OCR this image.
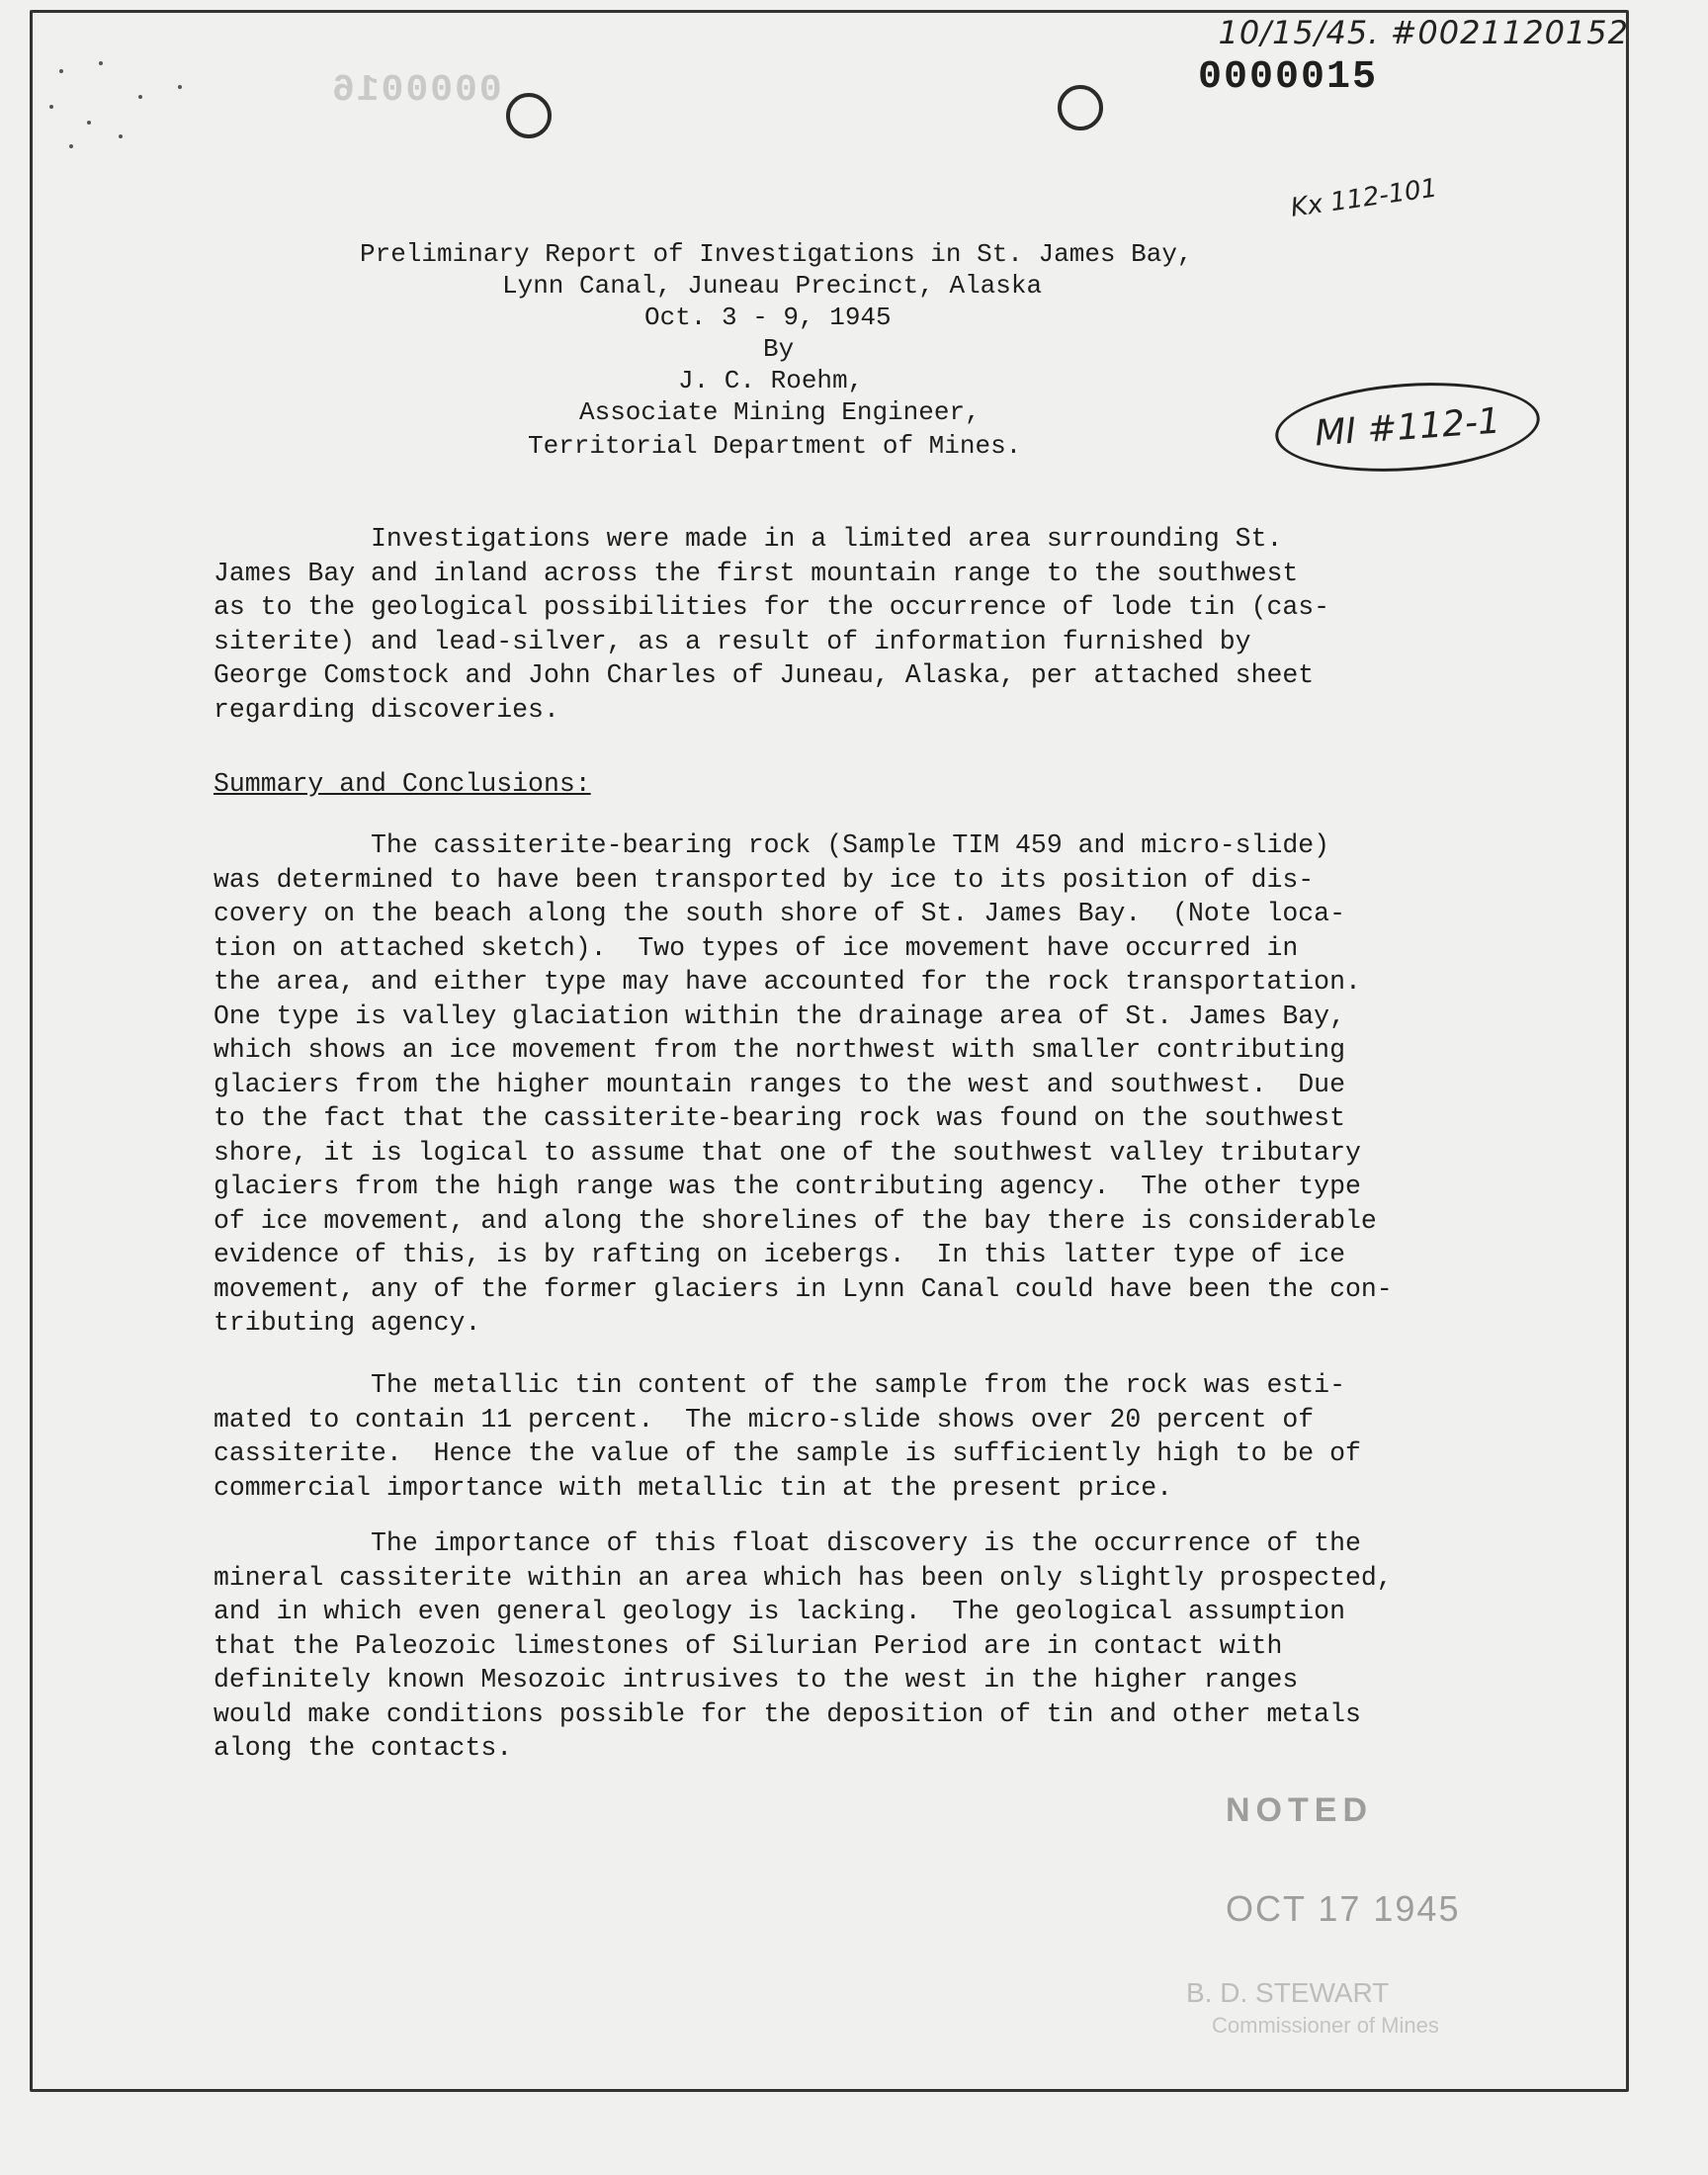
10/15/45. #0021120152
0000015
0000016
Kx 112-101
MI #112-1
Preliminary Report of Investigations in St. James Bay,
Lynn Canal, Juneau Precinct, Alaska
Oct. 3 - 9, 1945
By
J. C. Roehm,
Associate Mining Engineer,
Territorial Department of Mines.
Investigations were made in a limited area surrounding St.
James Bay and inland across the first mountain range to the southwest
as to the geological possibilities for the occurrence of lode tin (cas-
siterite) and lead-silver, as a result of information furnished by
George Comstock and John Charles of Juneau, Alaska, per attached sheet
regarding discoveries.
Summary and Conclusions:
The cassiterite-bearing rock (Sample TIM 459 and micro-slide)
was determined to have been transported by ice to its position of dis-
covery on the beach along the south shore of St. James Bay.  (Note loca-
tion on attached sketch).  Two types of ice movement have occurred in
the area, and either type may have accounted for the rock transportation.
One type is valley glaciation within the drainage area of St. James Bay,
which shows an ice movement from the northwest with smaller contributing
glaciers from the higher mountain ranges to the west and southwest.  Due
to the fact that the cassiterite-bearing rock was found on the southwest
shore, it is logical to assume that one of the southwest valley tributary
glaciers from the high range was the contributing agency.  The other type
of ice movement, and along the shorelines of the bay there is considerable
evidence of this, is by rafting on icebergs.  In this latter type of ice
movement, any of the former glaciers in Lynn Canal could have been the con-
tributing agency.
The metallic tin content of the sample from the rock was esti-
mated to contain 11 percent.  The micro-slide shows over 20 percent of
cassiterite.  Hence the value of the sample is sufficiently high to be of
commercial importance with metallic tin at the present price.
The importance of this float discovery is the occurrence of the
mineral cassiterite within an area which has been only slightly prospected,
and in which even general geology is lacking.  The geological assumption
that the Paleozoic limestones of Silurian Period are in contact with
definitely known Mesozoic intrusives to the west in the higher ranges
would make conditions possible for the deposition of tin and other metals
along the contacts.
NOTED
OCT 17 1945
B. D. STEWART
Commissioner of Mines
